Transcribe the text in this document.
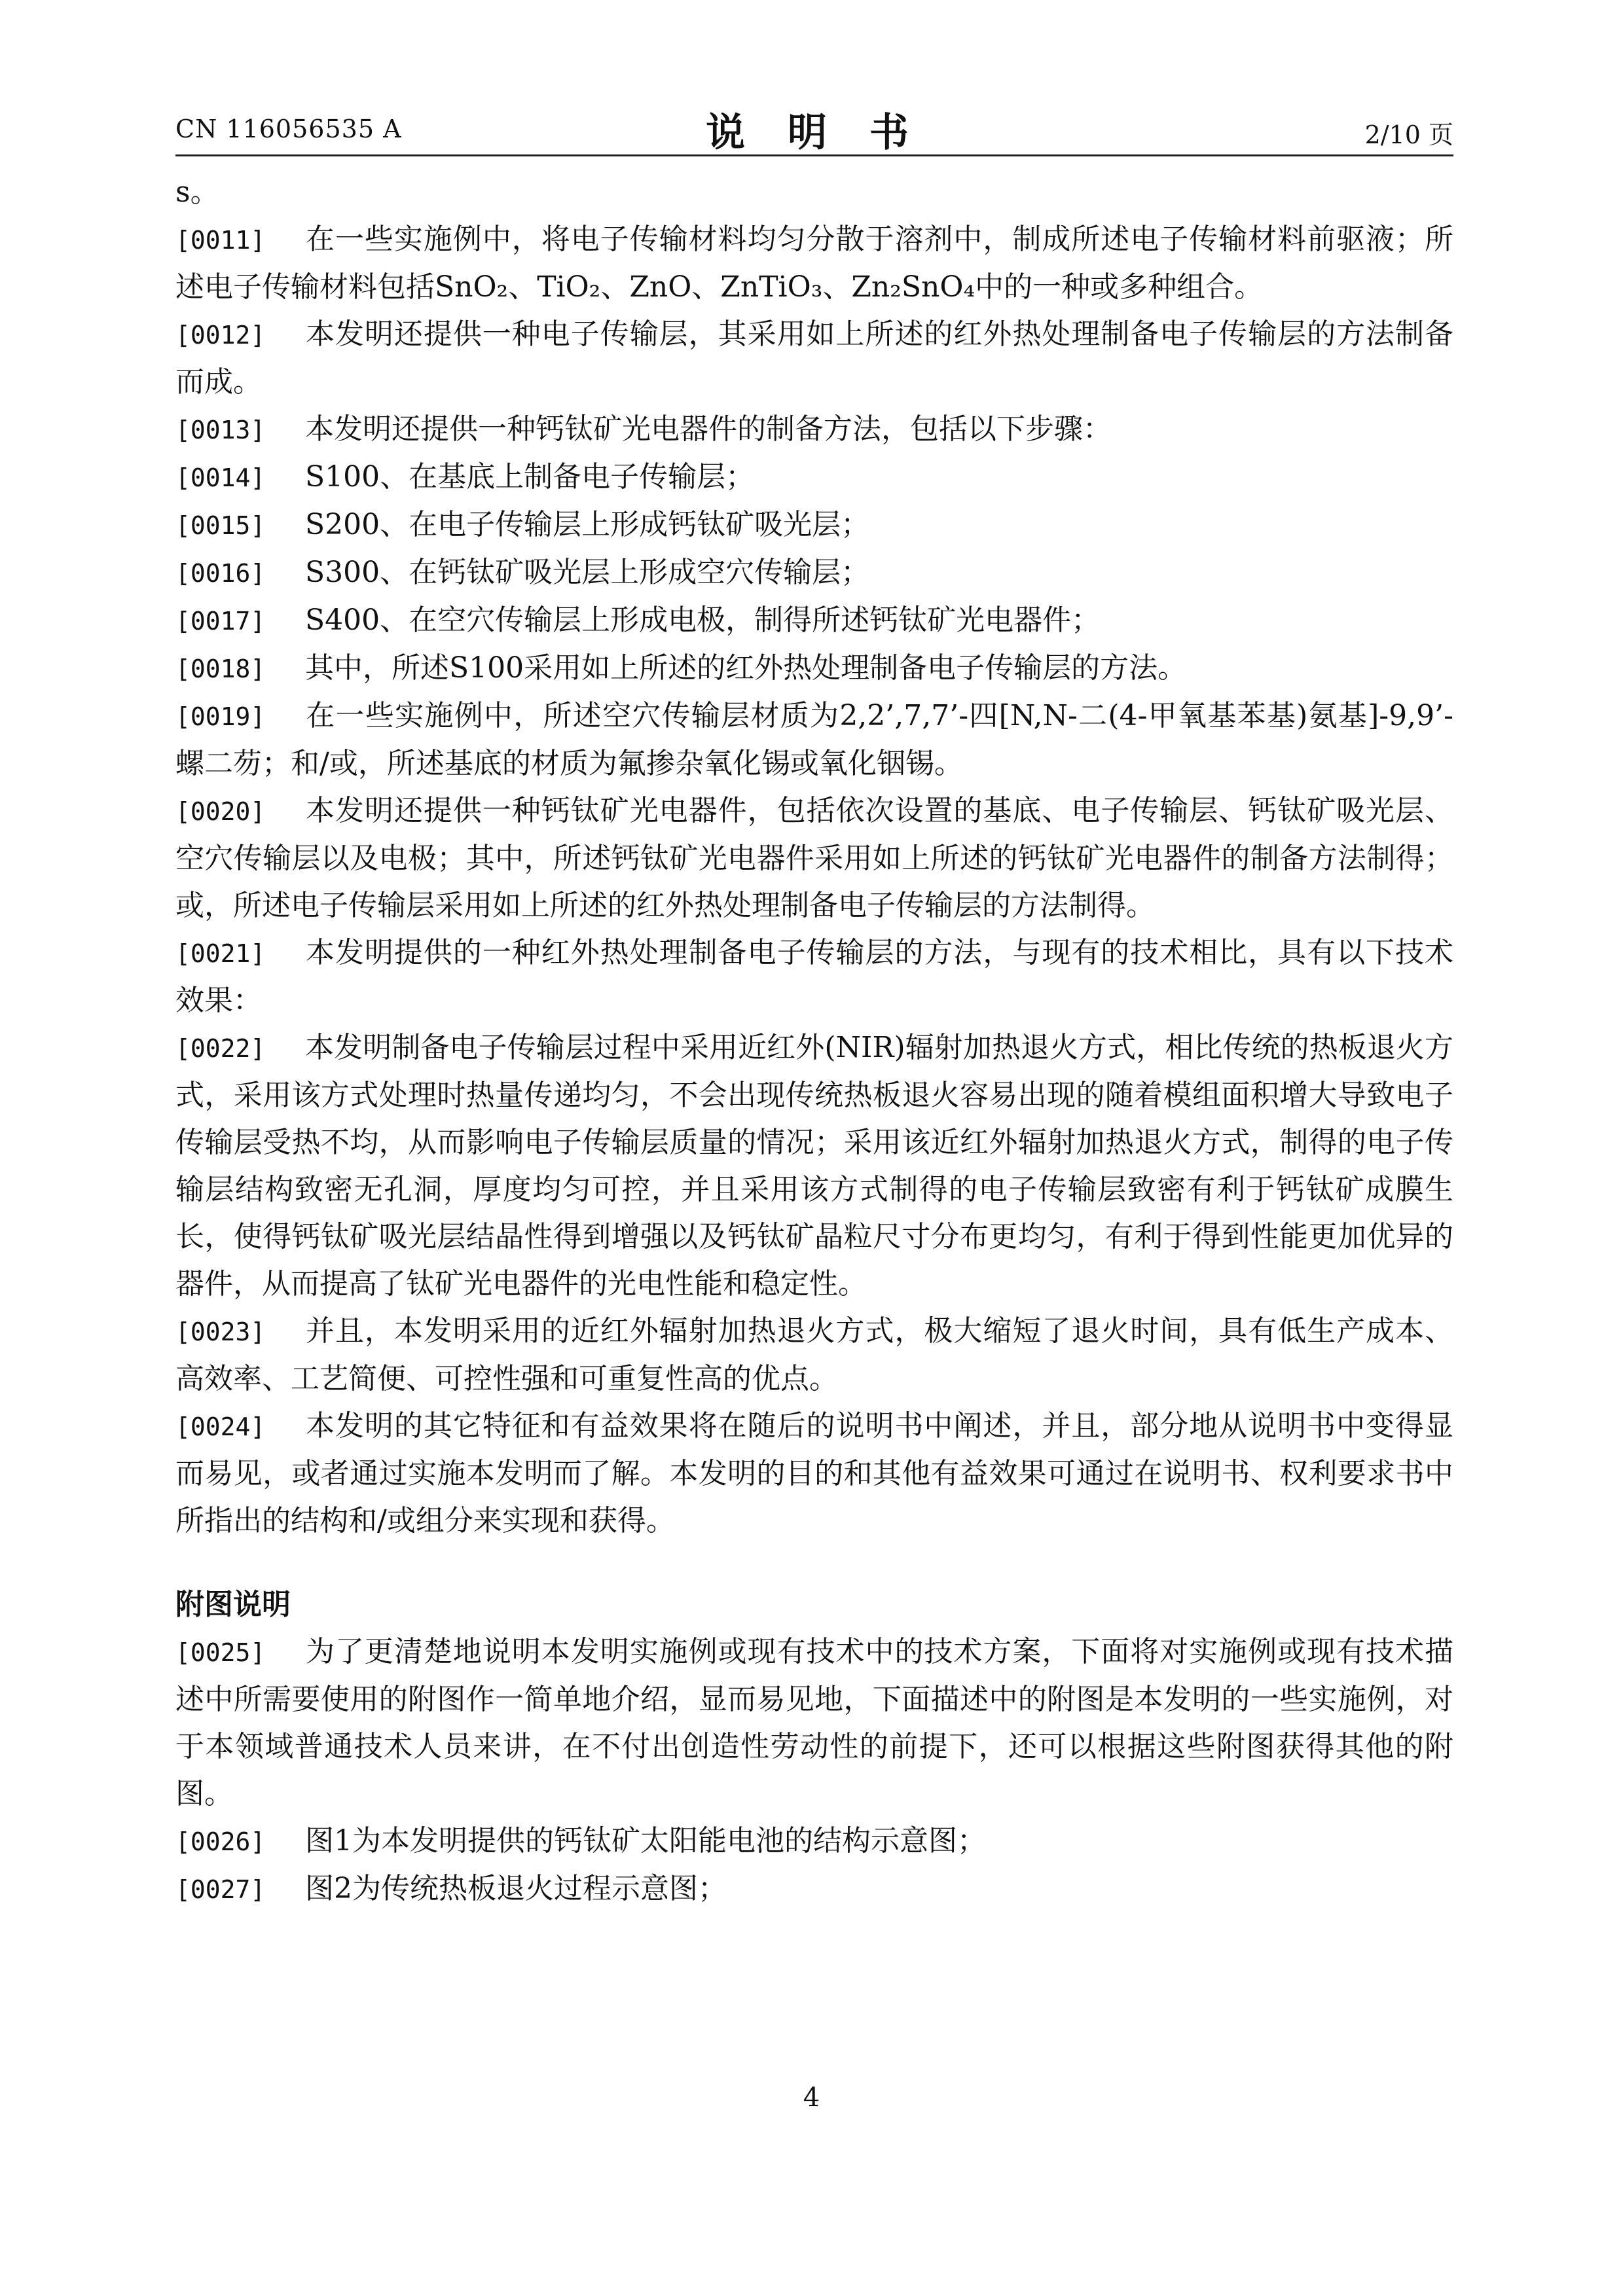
CN 116056535 A	说 明 书	2/10 页
s。

[0011] 在一些实施例中，将电子传输材料均匀分散于溶剂中，制成所述电子传输材料前驱液；所述电子传输材料包括SnO₂、TiO₂、ZnO、ZnTiO₃、Zn₂SnO₄中的一种或多种组合。

[0012] 本发明还提供一种电子传输层，其采用如上所述的红外热处理制备电子传输层的方法制备而成。

[0013] 本发明还提供一种钙钛矿光电器件的制备方法，包括以下步骤：

[0014] S100、在基底上制备电子传输层；

[0015] S200、在电子传输层上形成钙钛矿吸光层；

[0016] S300、在钙钛矿吸光层上形成空穴传输层；

[0017] S400、在空穴传输层上形成电极，制得所述钙钛矿光电器件；

[0018] 其中，所述S100采用如上所述的红外热处理制备电子传输层的方法。

[0019] 在一些实施例中，所述空穴传输层材质为2,2’,7,7’-四[N,N-二(4-甲氧基苯基)氨基]-9,9’-螺二芴；和/或，所述基底的材质为氟掺杂氧化锡或氧化铟锡。

[0020] 本发明还提供一种钙钛矿光电器件，包括依次设置的基底、电子传输层、钙钛矿吸光层、空穴传输层以及电极；其中，所述钙钛矿光电器件采用如上所述的钙钛矿光电器件的制备方法制得；或，所述电子传输层采用如上所述的红外热处理制备电子传输层的方法制得。

[0021] 本发明提供的一种红外热处理制备电子传输层的方法，与现有的技术相比，具有以下技术效果：

[0022] 本发明制备电子传输层过程中采用近红外(NIR)辐射加热退火方式，相比传统的热板退火方式，采用该方式处理时热量传递均匀，不会出现传统热板退火容易出现的随着模组面积增大导致电子传输层受热不均，从而影响电子传输层质量的情况；采用该近红外辐射加热退火方式，制得的电子传输层结构致密无孔洞，厚度均匀可控，并且采用该方式制得的电子传输层致密有利于钙钛矿成膜生长，使得钙钛矿吸光层结晶性得到增强以及钙钛矿晶粒尺寸分布更均匀，有利于得到性能更加优异的器件，从而提高了钛矿光电器件的光电性能和稳定性。

[0023] 并且，本发明采用的近红外辐射加热退火方式，极大缩短了退火时间，具有低生产成本、高效率、工艺简便、可控性强和可重复性高的优点。

[0024] 本发明的其它特征和有益效果将在随后的说明书中阐述，并且，部分地从说明书中变得显而易见，或者通过实施本发明而了解。本发明的目的和其他有益效果可通过在说明书、权利要求书中所指出的结构和/或组分来实现和获得。

附图说明

[0025] 为了更清楚地说明本发明实施例或现有技术中的技术方案，下面将对实施例或现有技术描述中所需要使用的附图作一简单地介绍，显而易见地，下面描述中的附图是本发明的一些实施例，对于本领域普通技术人员来讲，在不付出创造性劳动性的前提下，还可以根据这些附图获得其他的附图。

[0026] 图1为本发明提供的钙钛矿太阳能电池的结构示意图；

[0027] 图2为传统热板退火过程示意图；

4
